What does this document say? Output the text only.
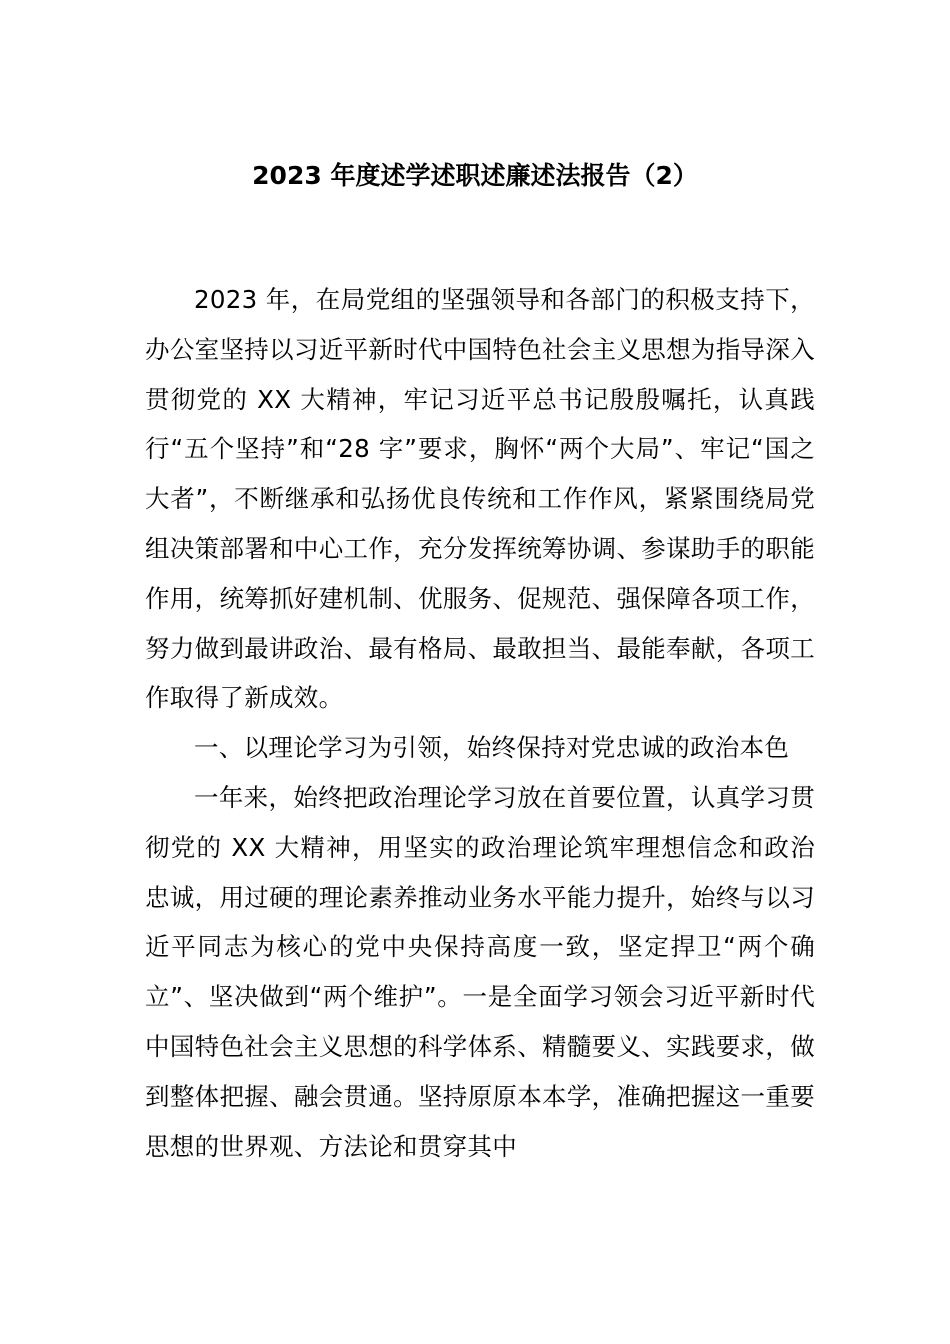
2023 年度述学述职述廉述法报告（2）

2023 年，在局党组的坚强领导和各部门的积极支持下，办公室坚持以习近平新时代中国特色社会主义思想为指导深入贯彻党的 XX 大精神，牢记习近平总书记殷殷嘱托，认真践行“五个坚持”和“28 字”要求，胸怀“两个大局”、牢记“国之大者”，不断继承和弘扬优良传统和工作作风，紧紧围绕局党组决策部署和中心工作，充分发挥统筹协调、参谋助手的职能作用，统筹抓好建机制、优服务、促规范、强保障各项工作，努力做到最讲政治、最有格局、最敢担当、最能奉献，各项工作取得了新成效。

一、以理论学习为引领，始终保持对党忠诚的政治本色

一年来，始终把政治理论学习放在首要位置，认真学习贯彻党的 XX 大精神，用坚实的政治理论筑牢理想信念和政治忠诚，用过硬的理论素养推动业务水平能力提升，始终与以习近平同志为核心的党中央保持高度一致，坚定捍卫“两个确立”、坚决做到“两个维护”。一是全面学习领会习近平新时代中国特色社会主义思想的科学体系、精髓要义、实践要求，做到整体把握、融会贯通。坚持原原本本学，准确把握这一重要思想的世界观、方法论和贯穿其中
